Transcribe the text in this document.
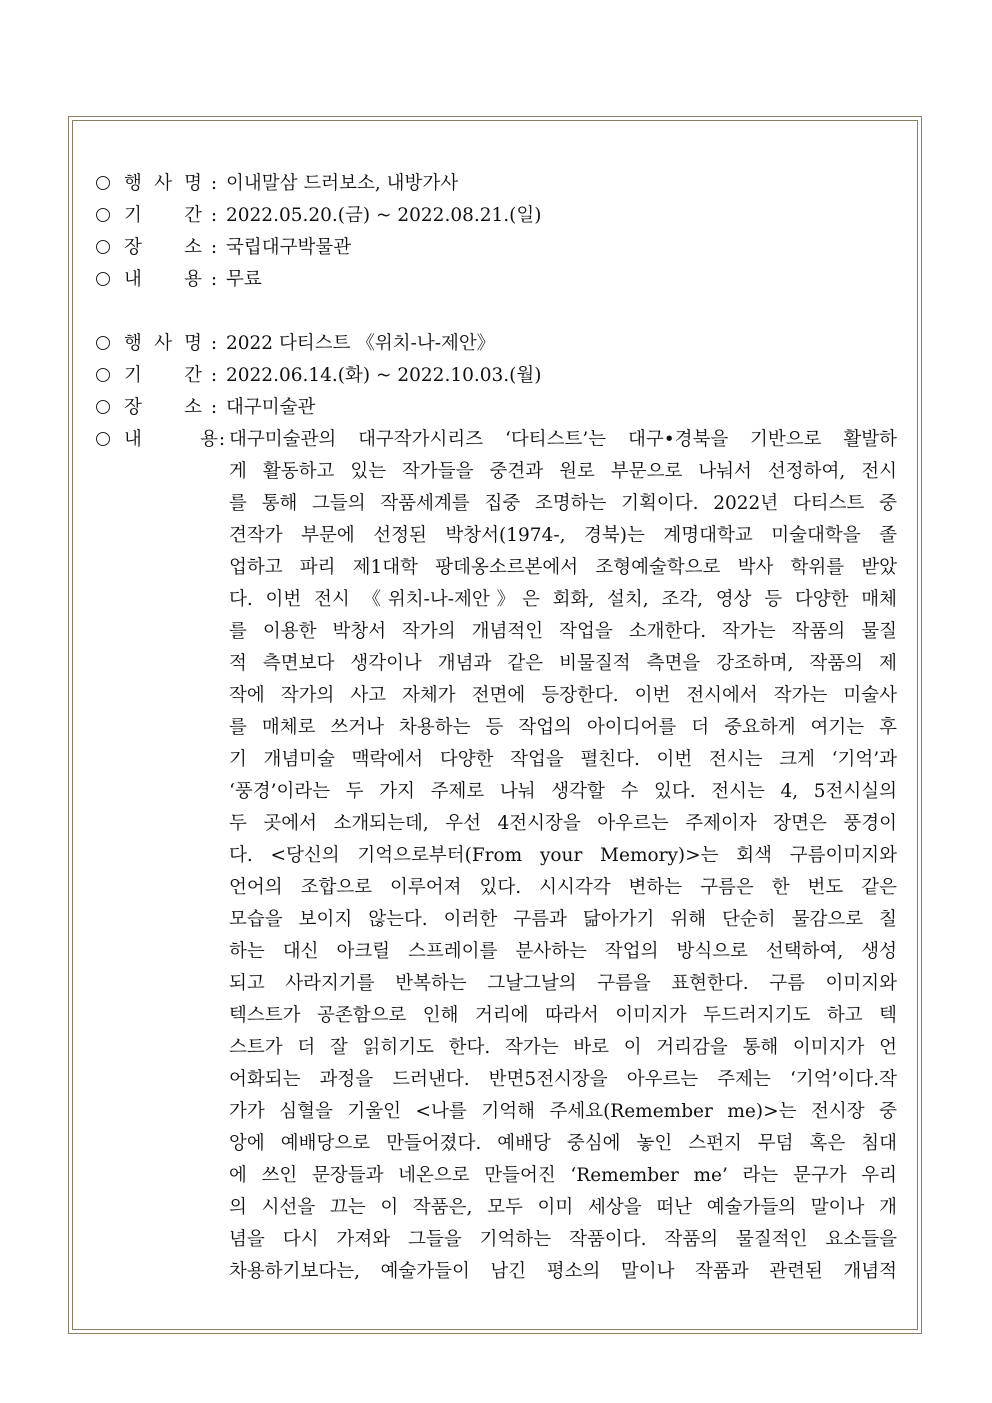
행 사 명 : 이내말삼 드러보소, 내방가사
기 간 : 2022.05.20.(금) ~ 2022.08.21.(일)
장 소 : 국립대구박물관
내 용 : 무료
행 사 명 : 2022 다티스트 《위치-나-제안》
기 간 : 2022.06.14.(화) ~ 2022.10.03.(월)
장 소 : 대구미술관
내	용 : 대구미술관의 대구작가시리즈 ‘다티스트’는 대구•경북을 기반으로 활발하
게 활동하고 있는 작가들을 중견과 원로 부문으로 나눠서 선정하여, 전시
를 통해 그들의 작품세계를 집중 조명하는 기획이다. 2022년 다티스트 중
견작가 부문에 선정된 박창서(1974-, 경북)는 계명대학교 미술대학을 졸
업하고 파리 제1대학 팡데옹소르본에서 조형예술학으로 박사 학위를 받았
다. 이번 전시 《위치-나-제안》은 회화, 설치, 조각, 영상 등 다양한 매체
를 이용한 박창서 작가의 개념적인 작업을 소개한다. 작가는 작품의 물질
적 측면보다 생각이나 개념과 같은 비물질적 측면을 강조하며, 작품의 제
작에 작가의 사고 자체가 전면에 등장한다. 이번 전시에서 작가는 미술사
를 매체로 쓰거나 차용하는 등 작업의 아이디어를 더 중요하게 여기는 후
기 개념미술 맥락에서 다양한 작업을 펼친다. 이번 전시는 크게 ‘기억’과
‘풍경’이라는 두 가지 주제로 나눠 생각할 수 있다. 전시는 4, 5전시실의
두 곳에서 소개되는데, 우선 4전시장을 아우르는 주제이자 장면은 풍경이
다. <당신의 기억으로부터(From your Memory)>는 회색 구름이미지와
언어의 조합으로 이루어져 있다. 시시각각 변하는 구름은 한 번도 같은
모습을 보이지 않는다. 이러한 구름과 닮아가기 위해 단순히 물감으로 칠
하는 대신 아크릴 스프레이를 분사하는 작업의 방식으로 선택하여, 생성
되고 사라지기를 반복하는 그날그날의 구름을 표현한다. 구름 이미지와
텍스트가 공존함으로 인해 거리에 따라서 이미지가 두드러지기도 하고 텍
스트가 더 잘 읽히기도 한다. 작가는 바로 이 거리감을 통해 이미지가 언
어화되는 과정을 드러낸다. 반면5전시장을 아우르는 주제는 ‘기억’이다.작
가가 심혈을 기울인 <나를 기억해 주세요(Remember me)>는 전시장 중
앙에 예배당으로 만들어졌다. 예배당 중심에 놓인 스펀지 무덤 혹은 침대
에 쓰인 문장들과 네온으로 만들어진 ‘Remember me’ 라는 문구가 우리
의 시선을 끄는 이 작품은, 모두 이미 세상을 떠난 예술가들의 말이나 개
념을 다시 가져와 그들을 기억하는 작품이다. 작품의 물질적인 요소들을
차용하기보다는, 예술가들이 남긴 평소의 말이나 작품과 관련된 개념적
